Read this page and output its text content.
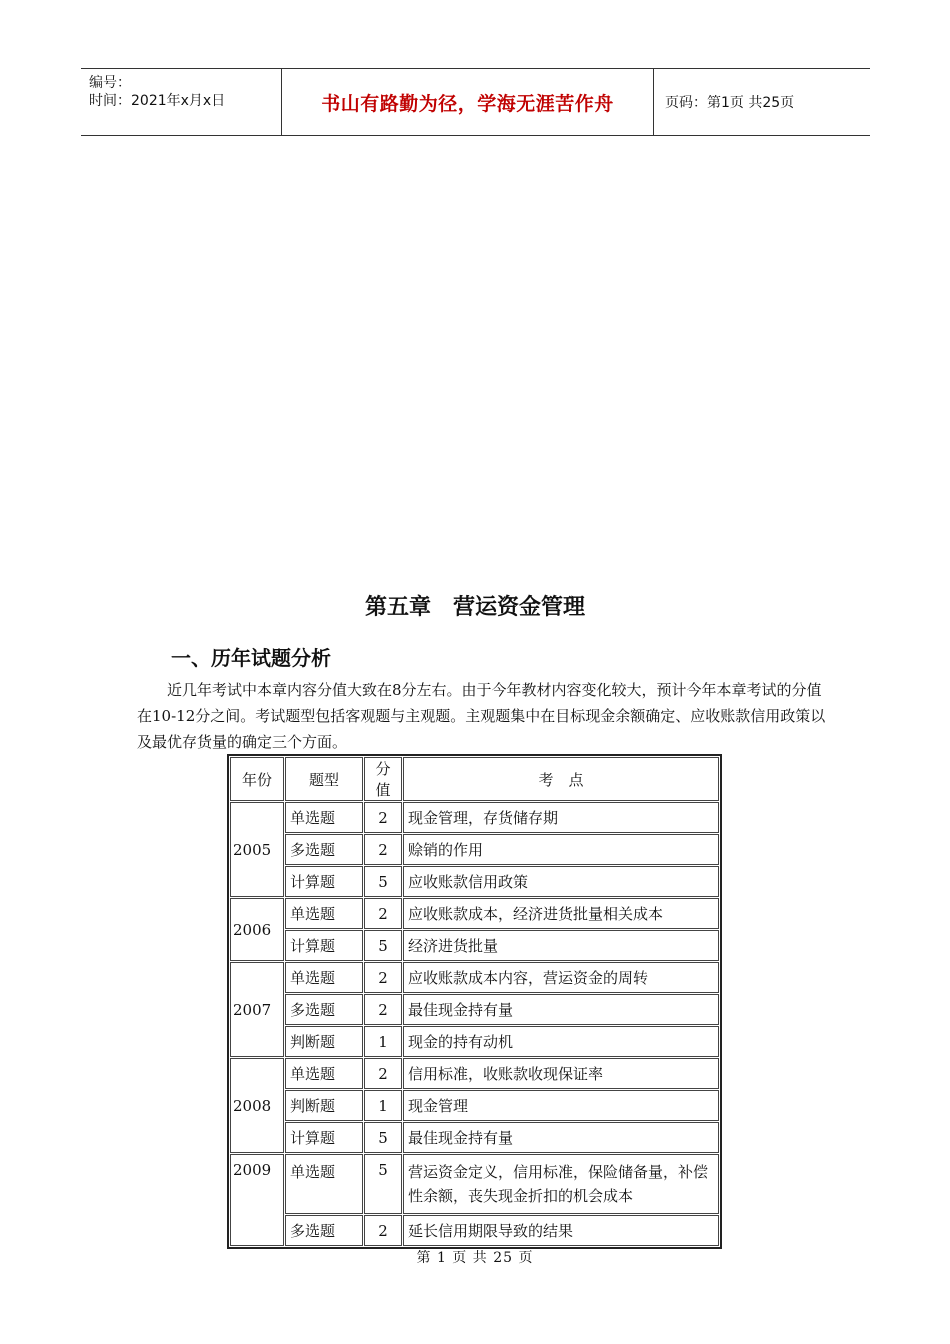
编号：
时间：2021年x月x日	书山有路勤为径，学海无涯苦作舟	页码：第1页 共25页
第五章　营运资金管理
一、历年试题分析

近几年考试中本章内容分值大致在8分左右。由于今年教材内容变化较大，预计今年本章考试的分值在10-12分之间。考试题型包括客观题与主观题。主观题集中在目标现金余额确定、应收账款信用政策以及最优存货量的确定三个方面。

年份	题型	分值	考　点
2005	单选题	2	现金管理，存货储存期
	多选题	2	赊销的作用
	计算题	5	应收账款信用政策
2006	单选题	2	应收账款成本，经济进货批量相关成本
	计算题	5	经济进货批量
2007	单选题	2	应收账款成本内容，营运资金的周转
	多选题	2	最佳现金持有量
	判断题	1	现金的持有动机
2008	单选题	2	信用标准，收账款收现保证率
	判断题	1	现金管理
	计算题	5	最佳现金持有量
2009	单选题	5	营运资金定义，信用标准，保险储备量，补偿性余额，丧失现金折扣的机会成本
	多选题	2	延长信用期限导致的结果
第 1 页 共 25 页
